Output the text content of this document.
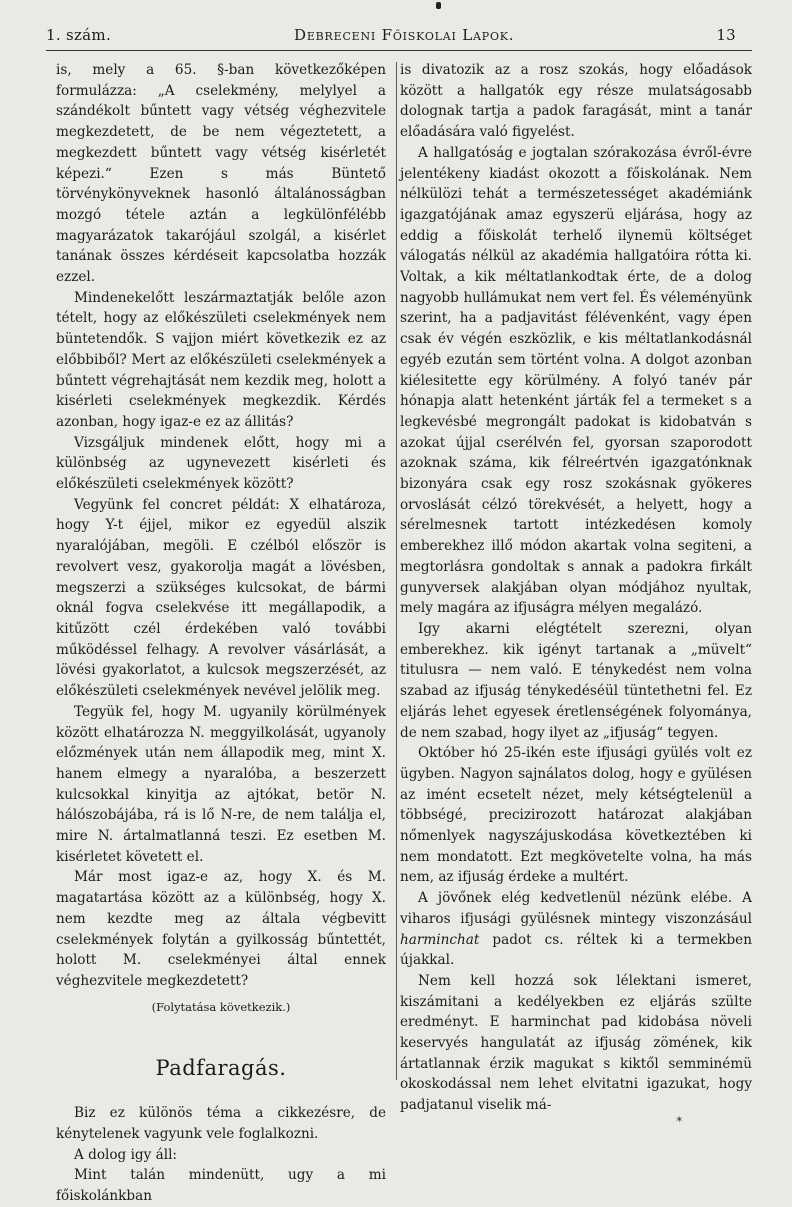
1. szám.	Debreceni Főiskolai Lapok.	13

is, mely a 65. §-ban következőképen formulázza: „A cselekmény, melylyel a szándékolt bűntett vagy vétség véghezvitele megkezdetett, de be nem végeztetett, a megkezdett bűntett vagy vétség kisérletét képezi.“ Ezen s más Büntető törvénykönyveknek hasonló általánosságban mozgó tétele aztán a legkülönfélébb magyarázatok takarójául szolgál, a kisérlet tanának összes kérdéseit kapcsolatba hozzák ezzel.

Mindenekelőtt leszármaztatják belőle azon tételt, hogy az előkészületi cselekmények nem büntetendők. S vajjon miért következik ez az előbbiből? Mert az előkészületi cselekmények a bűntett végrehajtását nem kezdik meg, holott a kisérleti cselekmények megkezdik. Kérdés azonban, hogy igaz-e ez az állitás?

Vizsgáljuk mindenek előtt, hogy mi a különbség az ugynevezett kisérleti és előkészületi cselekmények között?

Vegyünk fel concret példát: X elhatároza, hogy Y-t éjjel, mikor ez egyedül alszik nyaralójában, megöli. E czélból először is revolvert vesz, gyakorolja magát a lövésben, megszerzi a szükséges kulcsokat, de bármi oknál fogva cselekvése itt megállapodik, a kitűzött czél érdekében való további működéssel felhagy. A revolver vásárlását, a lövési gyakorlatot, a kulcsok megszerzését, az előkészületi cselekmények nevével jelölik meg.

Tegyük fel, hogy M. ugyanily körülmények között elhatározza N. meggyilkolását, ugyanoly előzmények után nem állapodik meg, mint X. hanem elmegy a nyaralóba, a beszerzett kulcsokkal kinyitja az ajtókat, betör N. hálószobájába, rá is lő N-re, de nem találja el, mire N. ártalmatlanná teszi. Ez esetben M. kisérletet követett el.

Már most igaz-e az, hogy X. és M. magatartása között az a különbség, hogy X. nem kezdte meg az általa végbevitt cselekmények folytán a gyilkosság bűntettét, holott M. cselekményei által ennek véghezvitele megkezdetett?

(Folytatása következik.)

Padfaragás.

Biz ez különös téma a cikkezésre, de kénytelenek vagyunk vele foglalkozni.

A dolog igy áll:

Mint talán mindenütt, ugy a mi főiskolánkban

is divatozik az a rosz szokás, hogy előadások között a hallgatók egy része mulatságosabb dolognak tartja a padok faragását, mint a tanár előadására való figyelést.

A hallgatóság e jogtalan szórakozása évről-évre jelentékeny kiadást okozott a főiskolának. Nem nélkülözi tehát a természetességet akadémiánk igazgatójának amaz egyszerü eljárása, hogy az eddig a főiskolát terhelő ilynemü költséget válogatás nélkül az akadémia hallgatóira rótta ki. Voltak, a kik méltatlankodtak érte, de a dolog nagyobb hullámukat nem vert fel. És véleményünk szerint, ha a padjavitást félévenként, vagy épen csak év végén eszközlik, e kis méltatlankodásnál egyéb ezután sem történt volna. A dolgot azonban kiélesitette egy körülmény. A folyó tanév pár hónapja alatt hetenként járták fel a termeket s a legkevésbé megrongált padokat is kidobatván s azokat újjal cserélvén fel, gyorsan szaporodott azoknak száma, kik félreértvén igazgatónknak bizonyára csak egy rosz szokásnak gyökeres orvoslását célzó törekvését, a helyett, hogy a sérelmesnek tartott intézkedésen komoly emberekhez illő módon akartak volna segiteni, a megtorlásra gondoltak s annak a padokra firkált gunyversek alakjában olyan módjához nyultak, mely magára az ifjuságra mélyen megalázó.

Igy akarni elégtételt szerezni, olyan emberekhez. kik igényt tartanak a „müvelt“ titulusra — nem való. E ténykedést nem volna szabad az ifjuság ténykedéséül tüntethetni fel. Ez eljárás lehet egyesek éretlenségének folyománya, de nem szabad, hogy ilyet az „ifjuság“ tegyen.

Október hó 25-ikén este ifjusági gyülés volt ez ügyben. Nagyon sajnálatos dolog, hogy e gyülésen az imént ecsetelt nézet, mely kétségtelenül a többségé, precizirozott határozat alakjában nőmenlyek nagyszájuskodása következtében ki nem mondatott. Ezt megkövetelte volna, ha más nem, az ifjuság érdeke a multért.

A jövőnek elég kedvetlenül nézünk elébe. A viharos ifjusági gyülésnek mintegy viszonzásául harminchat padot cs. réltek ki a termekben újakkal.

Nem kell hozzá sok lélektani ismeret, kiszámitani a kedélyekben ez eljárás szülte eredményt. E harminchat pad kidobása növeli keservyés hangulatát az ifjuság zömének, kik ártatlannak érzik magukat s kiktől semminémü okoskodással nem lehet elvitatni igazukat, hogy padjatanul viselik má-

*
